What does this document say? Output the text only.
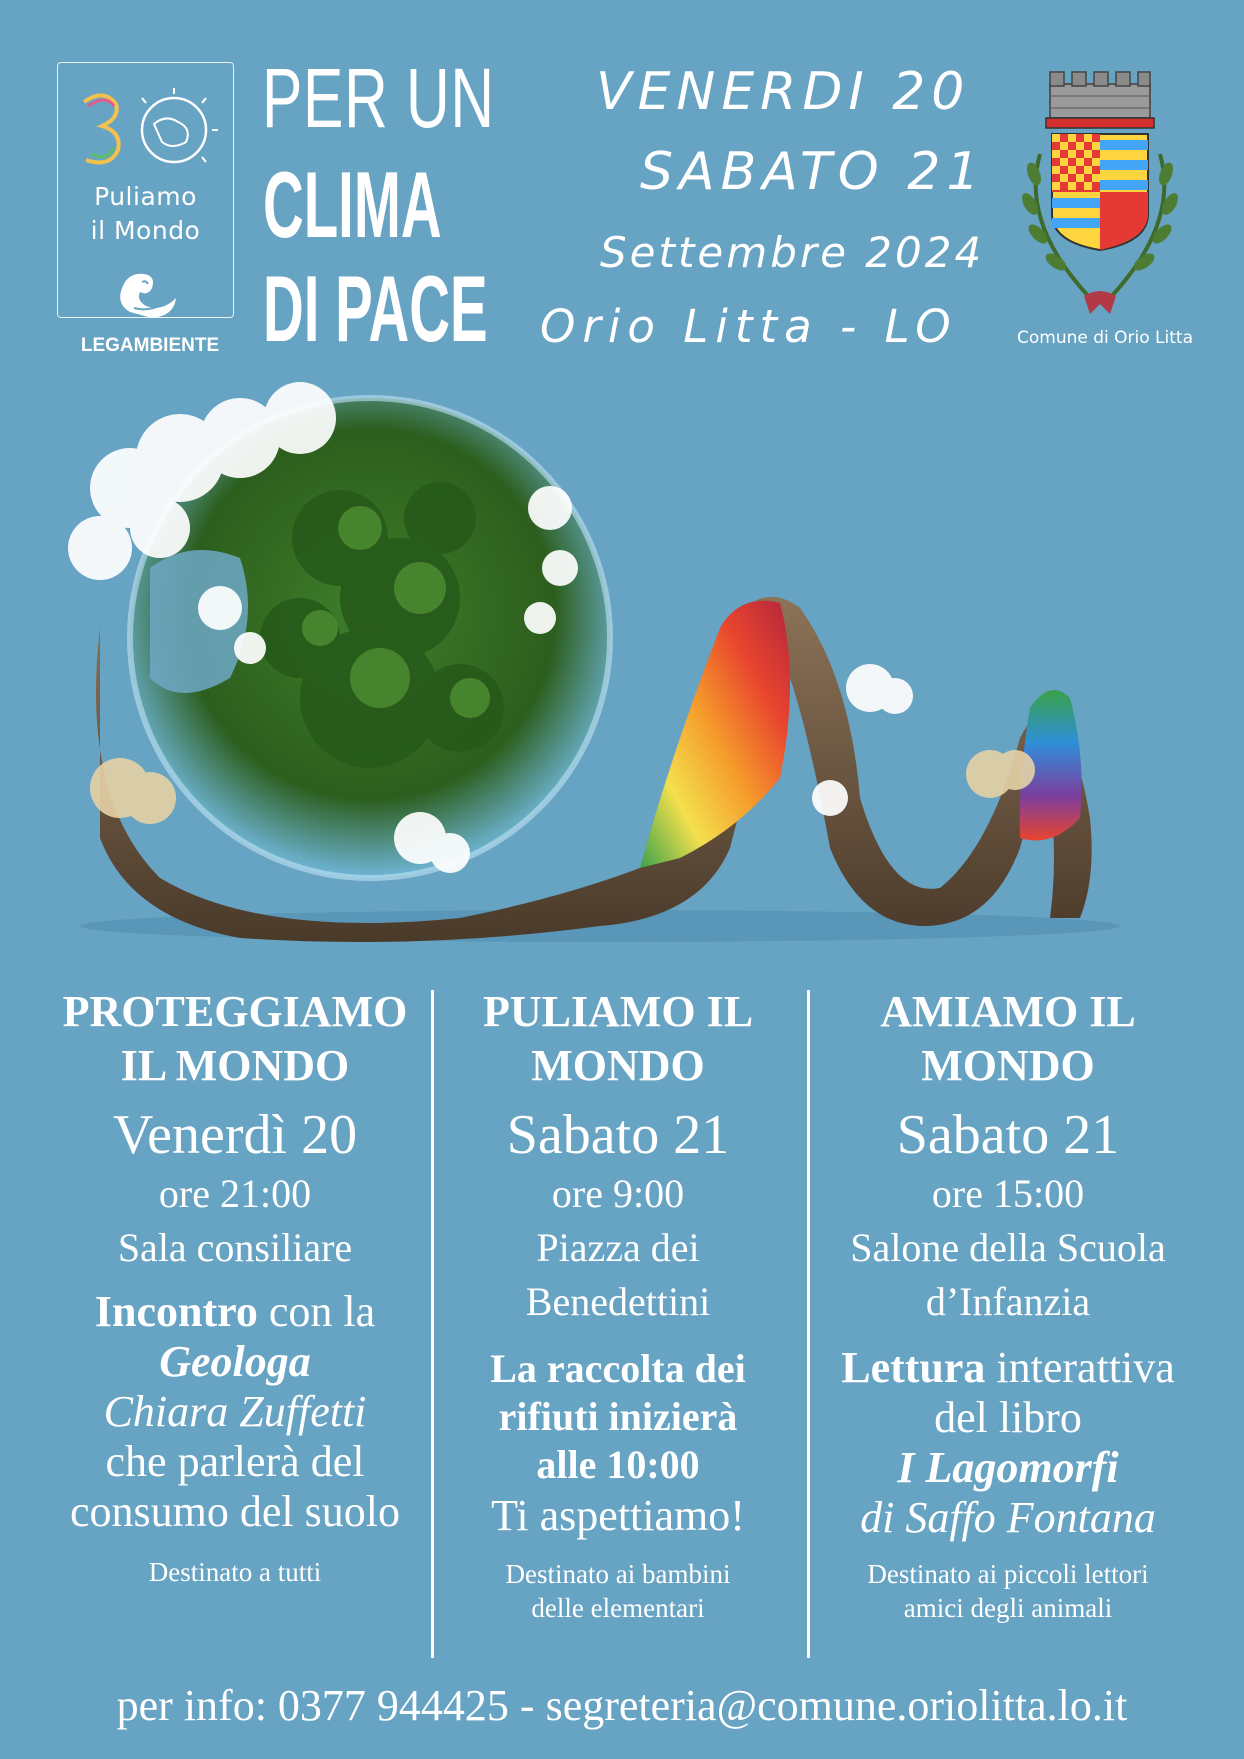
Puliamo
il Mondo
LEGAMBIENTE
PER UN
CLIMA
DI PACE
VENERDI 20
SABATO 21
Settembre 2024
Orio Litta - LO	Comune di Orio Litta
PROTEGGIAMO
IL MONDO
Venerdì 20
ore 21:00
Sala consiliare
Incontro con la
Geologa
Chiara Zuffetti
che parlerà del
consumo del suolo
Destinato a tutti
PULIAMO IL
MONDO
Sabato 21
ore 9:00
Piazza dei
Benedettini
La raccolta dei
rifiuti inizierà
alle 10:00
Ti aspettiamo!
Destinato ai bambini
delle elementari
AMIAMO IL
MONDO
Sabato 21
ore 15:00
Salone della Scuola
d’Infanzia
Lettura interattiva
del libro
I Lagomorfi
di Saffo Fontana
Destinato ai piccoli lettori
amici degli animali
per info: 0377 944425 - segreteria@comune.oriolitta.lo.it
